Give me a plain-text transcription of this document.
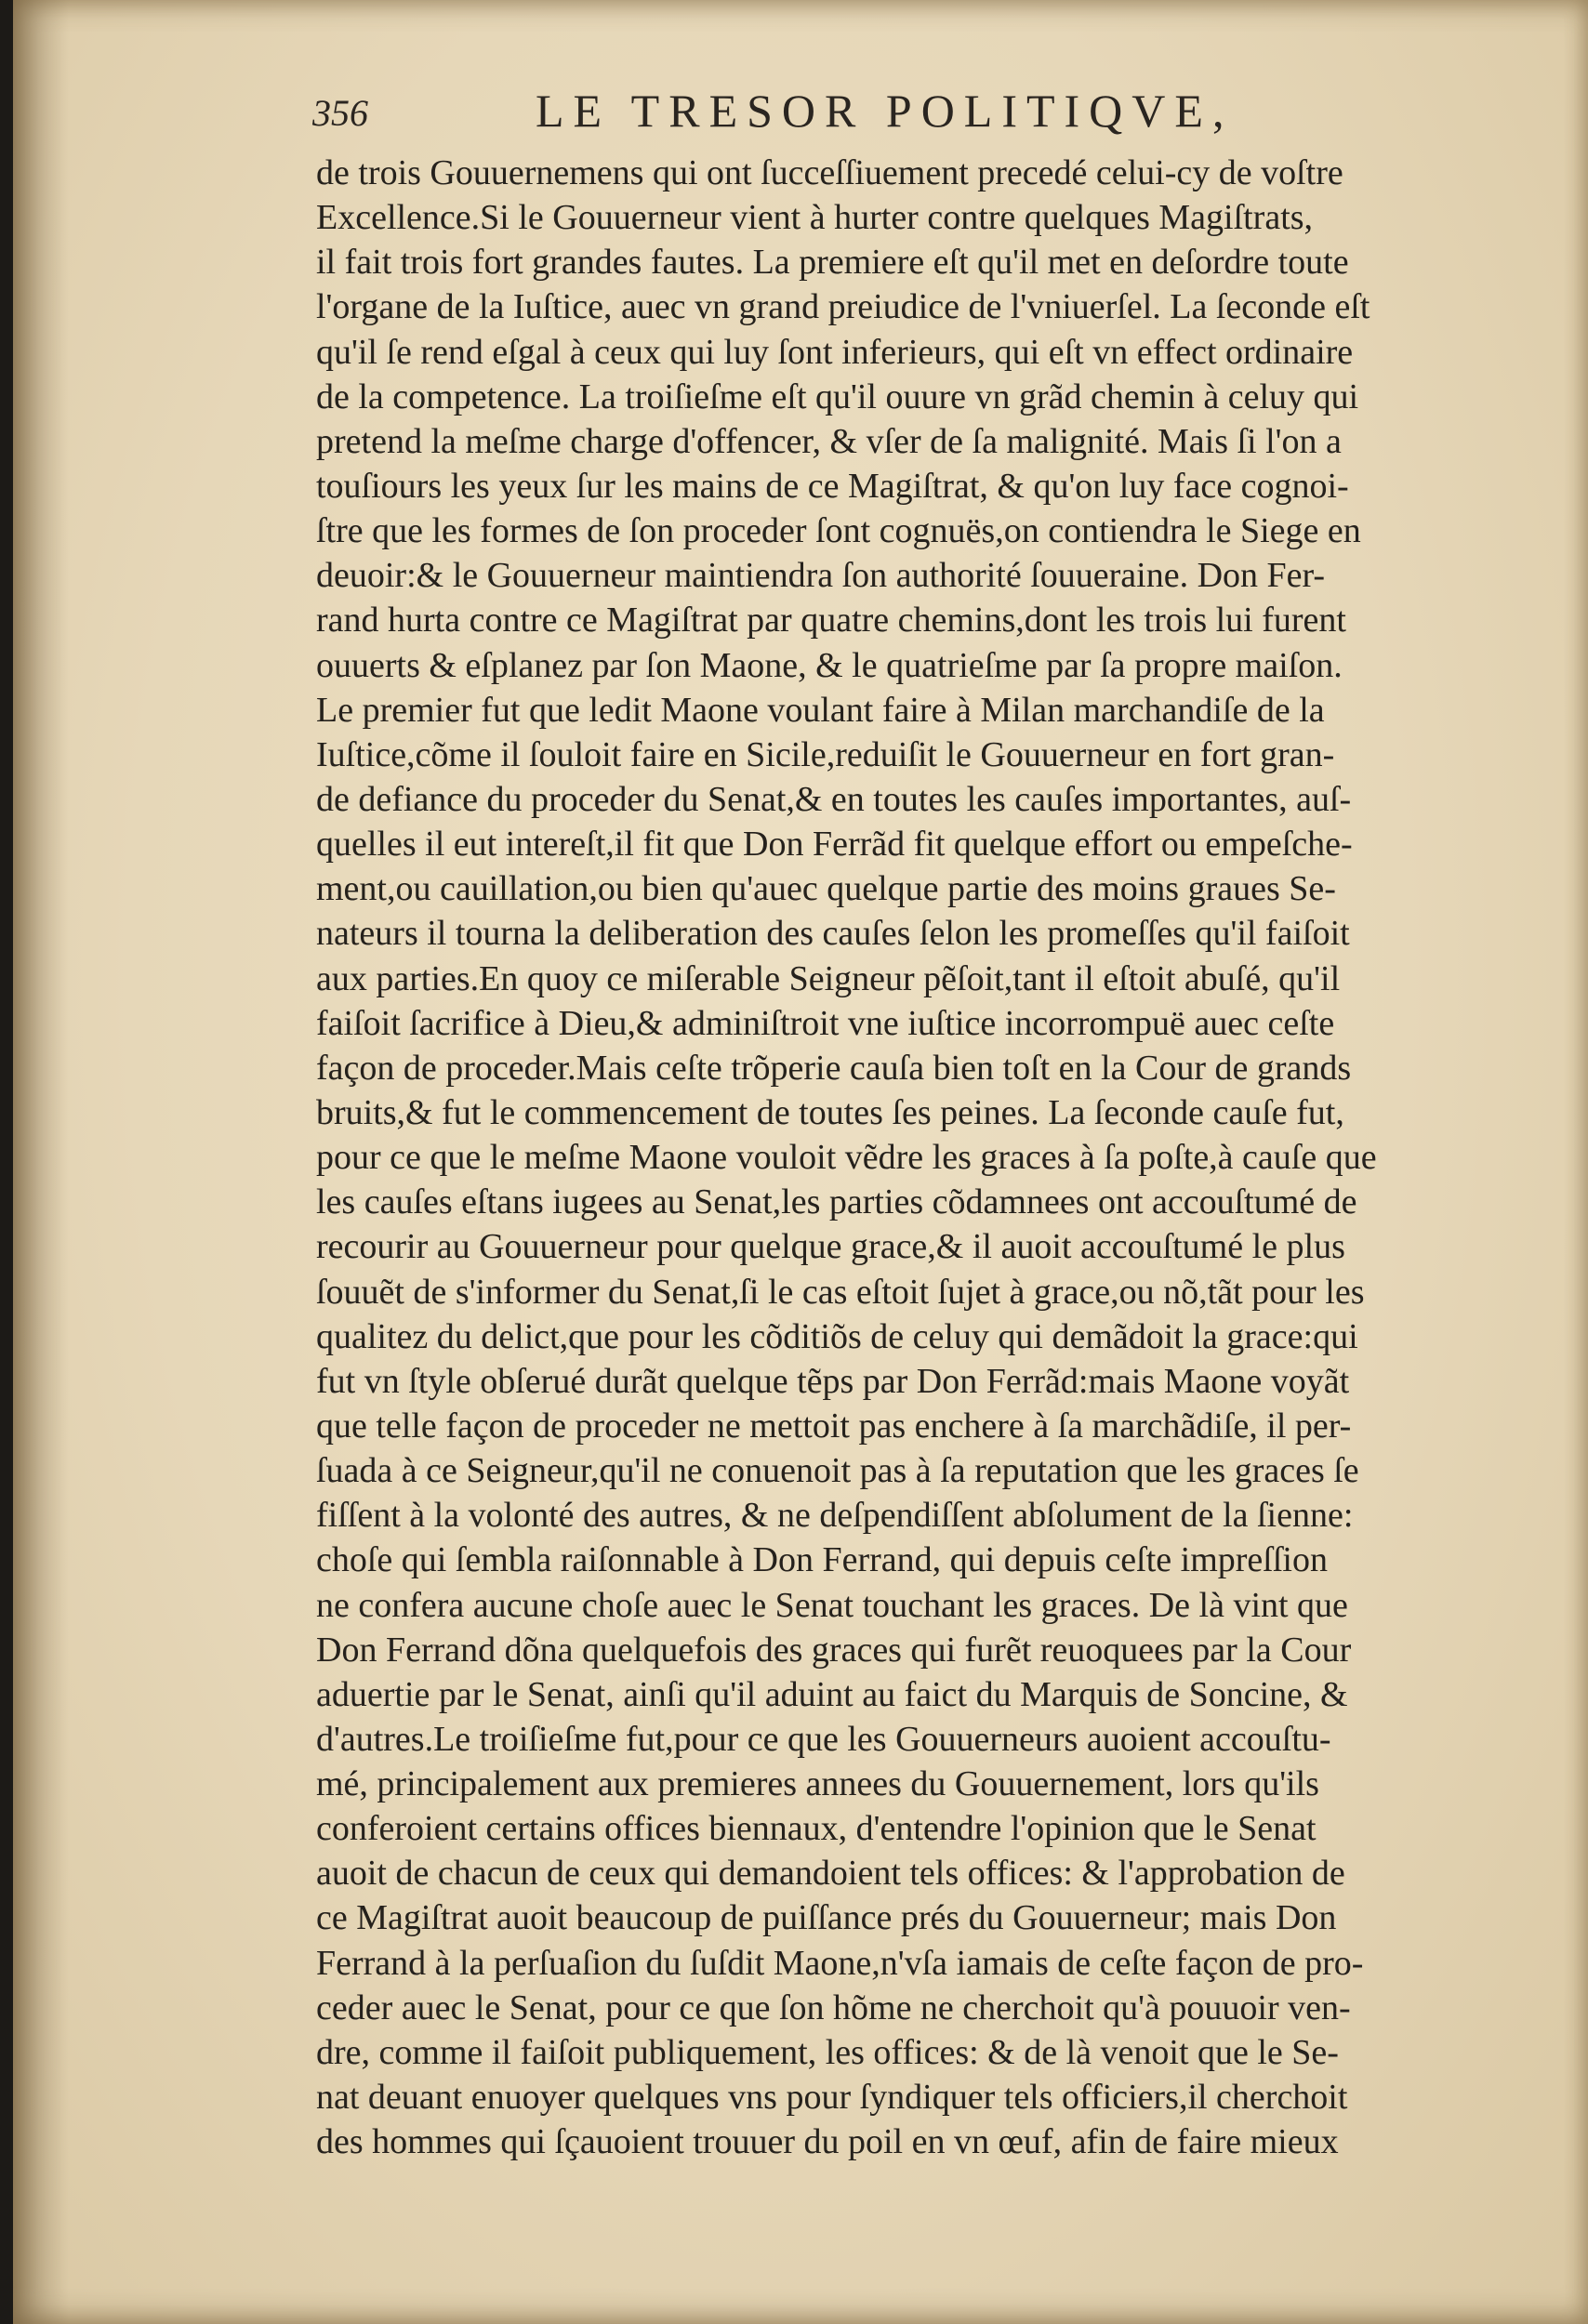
356	LE TRESOR POLITIQVE,
de trois Gouuernemens qui ont ſucceſſiuement precedé celui-cy de voſtre
Excellence.Si le Gouuerneur vient à hurter contre quelques Magiſtrats,
il fait trois fort grandes fautes. La premiere eſt qu'il met en deſordre toute
l'organe de la Iuſtice, auec vn grand preiudice de l'vniuerſel. La ſeconde eſt
qu'il ſe rend eſgal à ceux qui luy ſont inferieurs, qui eſt vn effect ordinaire
de la competence. La troiſieſme eſt qu'il ouure vn grãd chemin à celuy qui
pretend la meſme charge d'offencer, & vſer de ſa malignité. Mais ſi l'on a
touſiours les yeux ſur les mains de ce Magiſtrat, & qu'on luy face cognoi-
ſtre que les formes de ſon proceder ſont cognuës,on contiendra le Siege en
deuoir:& le Gouuerneur maintiendra ſon authorité ſouueraine. Don Fer-
rand hurta contre ce Magiſtrat par quatre chemins,dont les trois lui furent
ouuerts & eſplanez par ſon Maone, & le quatrieſme par ſa propre maiſon.
Le premier fut que ledit Maone voulant faire à Milan marchandiſe de la
Iuſtice,cõme il ſouloit faire en Sicile,reduiſit le Gouuerneur en fort gran-
de defiance du proceder du Senat,& en toutes les cauſes importantes, auſ-
quelles il eut intereſt,il fit que Don Ferrãd fit quelque effort ou empeſche-
ment,ou cauillation,ou bien qu'auec quelque partie des moins graues Se-
nateurs il tourna la deliberation des cauſes ſelon les promeſſes qu'il faiſoit
aux parties.En quoy ce miſerable Seigneur pẽſoit,tant il eſtoit abuſé, qu'il
faiſoit ſacrifice à Dieu,& adminiſtroit vne iuſtice incorrompuë auec ceſte
façon de proceder.Mais ceſte trõperie cauſa bien toſt en la Cour de grands
bruits,& fut le commencement de toutes ſes peines. La ſeconde cauſe fut,
pour ce que le meſme Maone vouloit vẽdre les graces à ſa poſte,à cauſe que
les cauſes eſtans iugees au Senat,les parties cõdamnees ont accouſtumé de
recourir au Gouuerneur pour quelque grace,& il auoit accouſtumé le plus
ſouuẽt de s'informer du Senat,ſi le cas eſtoit ſujet à grace,ou nõ,tãt pour les
qualitez du delict,que pour les cõditiõs de celuy qui demãdoit la grace:qui
fut vn ſtyle obſerué durãt quelque tẽps par Don Ferrãd:mais Maone voyãt
que telle façon de proceder ne mettoit pas enchere à ſa marchãdiſe, il per-
ſuada à ce Seigneur,qu'il ne conuenoit pas à ſa reputation que les graces ſe
fiſſent à la volonté des autres, & ne deſpendiſſent abſolument de la ſienne:
choſe qui ſembla raiſonnable à Don Ferrand, qui depuis ceſte impreſſion
ne confera aucune choſe auec le Senat touchant les graces. De là vint que
Don Ferrand dõna quelquefois des graces qui furẽt reuoquees par la Cour
aduertie par le Senat, ainſi qu'il aduint au faict du Marquis de Soncine, &
d'autres.Le troiſieſme fut,pour ce que les Gouuerneurs auoient accouſtu-
mé, principalement aux premieres annees du Gouuernement, lors qu'ils
conferoient certains offices biennaux, d'entendre l'opinion que le Senat
auoit de chacun de ceux qui demandoient tels offices: & l'approbation de
ce Magiſtrat auoit beaucoup de puiſſance prés du Gouuerneur; mais Don
Ferrand à la perſuaſion du ſuſdit Maone,n'vſa iamais de ceſte façon de pro-
ceder auec le Senat, pour ce que ſon hõme ne cherchoit qu'à pouuoir ven-
dre, comme il faiſoit publiquement, les offices: & de là venoit que le Se-
nat deuant enuoyer quelques vns pour ſyndiquer tels officiers,il cherchoit
des hommes qui ſçauoient trouuer du poil en vn œuf, afin de faire mieux
